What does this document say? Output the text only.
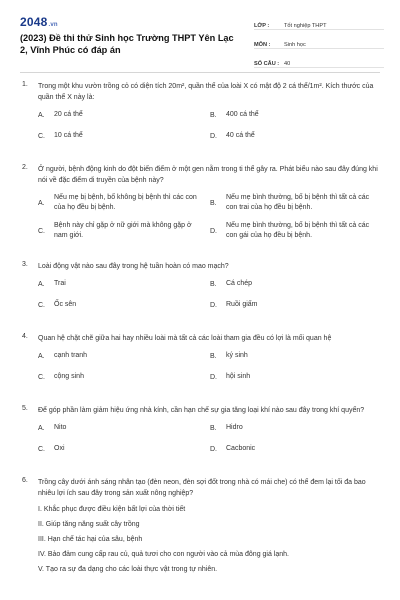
2048.vn
(2023) Đề thi thử Sinh học Trường THPT Yên Lạc 2, Vĩnh Phúc có đáp án
LỚP :	Tốt nghiệp THPT
MÔN :	Sinh học
SỐ CÂU : 40
1. Trong một khu vườn trồng cỏ có diện tích 20m², quần thể của loài X có mật độ 2 cá thể/1m². Kích thước của quần thể X này là:
A.	20 cá thể	B.	400 cá thể
C.	10 cá thể	D.	40 cá thể
2. Ở người, bệnh động kinh do đột biến điểm ở một gen nằm trong ti thể gây ra. Phát biểu nào sau đây đúng khi nói về đặc điểm di truyền của bệnh này?
A.
Nếu mẹ bị bệnh, bố không bị bệnh thì các con của họ đều bị bệnh.
B.
Nếu mẹ bình thường, bố bị bệnh thì tất cả các con trai của họ đều bị bệnh.
C.
Bệnh này chỉ gặp ở nữ giới mà không gặp ở nam giới.
D.
Nếu mẹ bình thường, bố bị bệnh thì tất cả các con gái của họ đều bị bệnh.
3. Loài động vật nào sau đây trong hệ tuần hoàn có mao mạch?
A.	Trai	B.	Cá chép
C.	Ốc sên	D.	Ruồi giấm
4. Quan hệ chặt chẽ giữa hai hay nhiều loài mà tất cả các loài tham gia đều có lợi là mối quan hệ
A.	cạnh tranh	B.	ký sinh
C.	cộng sinh	D.	hội sinh
5. Để góp phần làm giảm hiệu ứng nhà kính, cần hạn chế sự gia tăng loại khí nào sau đây trong khí quyển?
A.	Nito	B.	Hidro
C.	Oxi	D.	Cacbonic
6. Trồng cây dưới ánh sáng nhân tạo (đèn neon, đèn sợi đốt trong nhà có mái che) có thể đem lại tối đa bao nhiêu lợi ích sau đây trong sản xuất nông nghiệp?
I. Khắc phục được điều kiện bất lợi của thời tiết
II. Giúp tăng năng suất cây trồng
III. Hạn chế tác hại của sâu, bệnh
IV. Bảo đảm cung cấp rau củ, quả tươi cho con người vào cả mùa đông giá lạnh.
V. Tạo ra sự đa dạng cho các loài thực vật trong tự nhiên.
